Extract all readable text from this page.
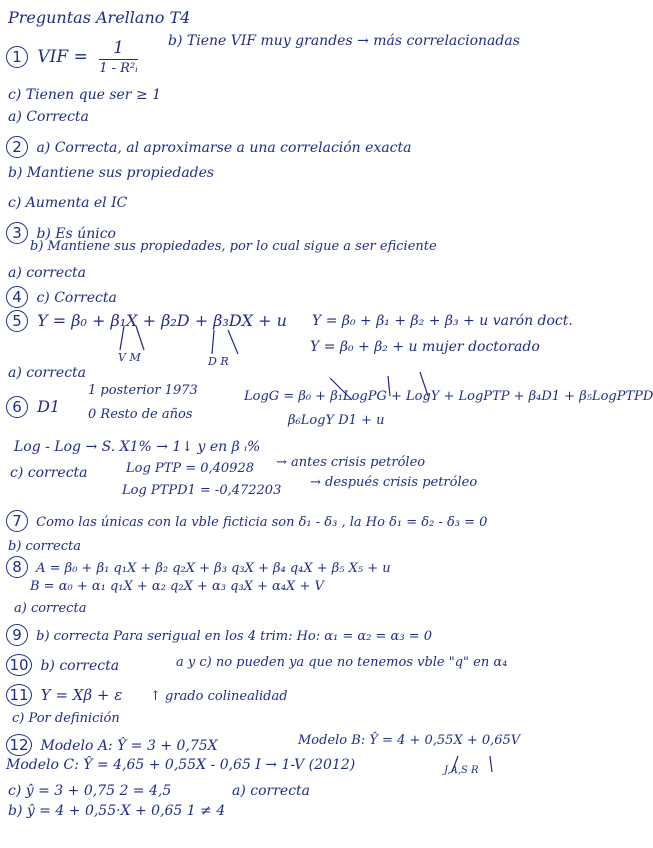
Preguntas Arellano T4
1 VIF = $\frac{1}{\text{1 - R²ᵢ}} b$) Tiene VIF muy grandes → más correlacionadas
c) Tienen que ser ≥ 1
a) Correcta
2 a) Correcta, al aproximarse a una correlación exacta
b) Mantiene sus propiedades
c) Aumenta el IC
3 b) Es único
b) Mantiene sus propiedades, por lo cual sigue a ser eficiente
a) correcta
4 c) Correcta
5 Y = β₀ + β₁X + β₂D + β₃DX + u
V M	D R
Y = β₀ + β₁ + β₂ + β₃ + u varón doct.
Y = β₀ + β₂ + u mujer doctorado
a) correcta
6 D1
1 posterior 1973
0 Resto de años
LogG = β₀ + β₁LogPG + LogY + LogPTP + β₄D1 + β₅LogPTPD
β₆LogY D1 + u
Log - Log → S. X1% → 1↓ y en β ᵢ%
c) correcta	Log PTP = 0,40928 → antes crisis petróleo
Log PTPD1 = -0,472203
→ después crisis petróleo
7 Como las únicas con la vble ficticia son δ₁ - δ₃ , la Ho δ₁ = δ₂ - δ₃ = 0
b) correcta
8 A = β₀ + β₁ q₁X + β₂ q₂X + β₃ q₃X + β₄ q₄X + β₅ X₅ + u
B = α₀ + α₁ q₁X + α₂ q₂X + α₃ q₃X + α₄X + V
a) correcta
9 b) correcta Para serigual en los 4 trim: Ho: α₁ = α₂ = α₃ = 0
10 b) correcta	a y c) no pueden ya que no tenemos vble "q" en α₄
11 Y = Xβ + ε ↑ grado colinealidad
c) Por definición
12 Modelo A: Ŷ = 3 + 0,75X	Modelo B: Ŷ = 4 + 0,55X + 0,65V
Modelo C: Ŷ = 4,65 + 0,55X - 0,65 I → 1-V (2012)	J,A,S R
c) ŷ = 3 + 0,75 2 = 4,5	a) correcta
b) ŷ = 4 + 0,55·X + 0,65 1 ≠ 4
